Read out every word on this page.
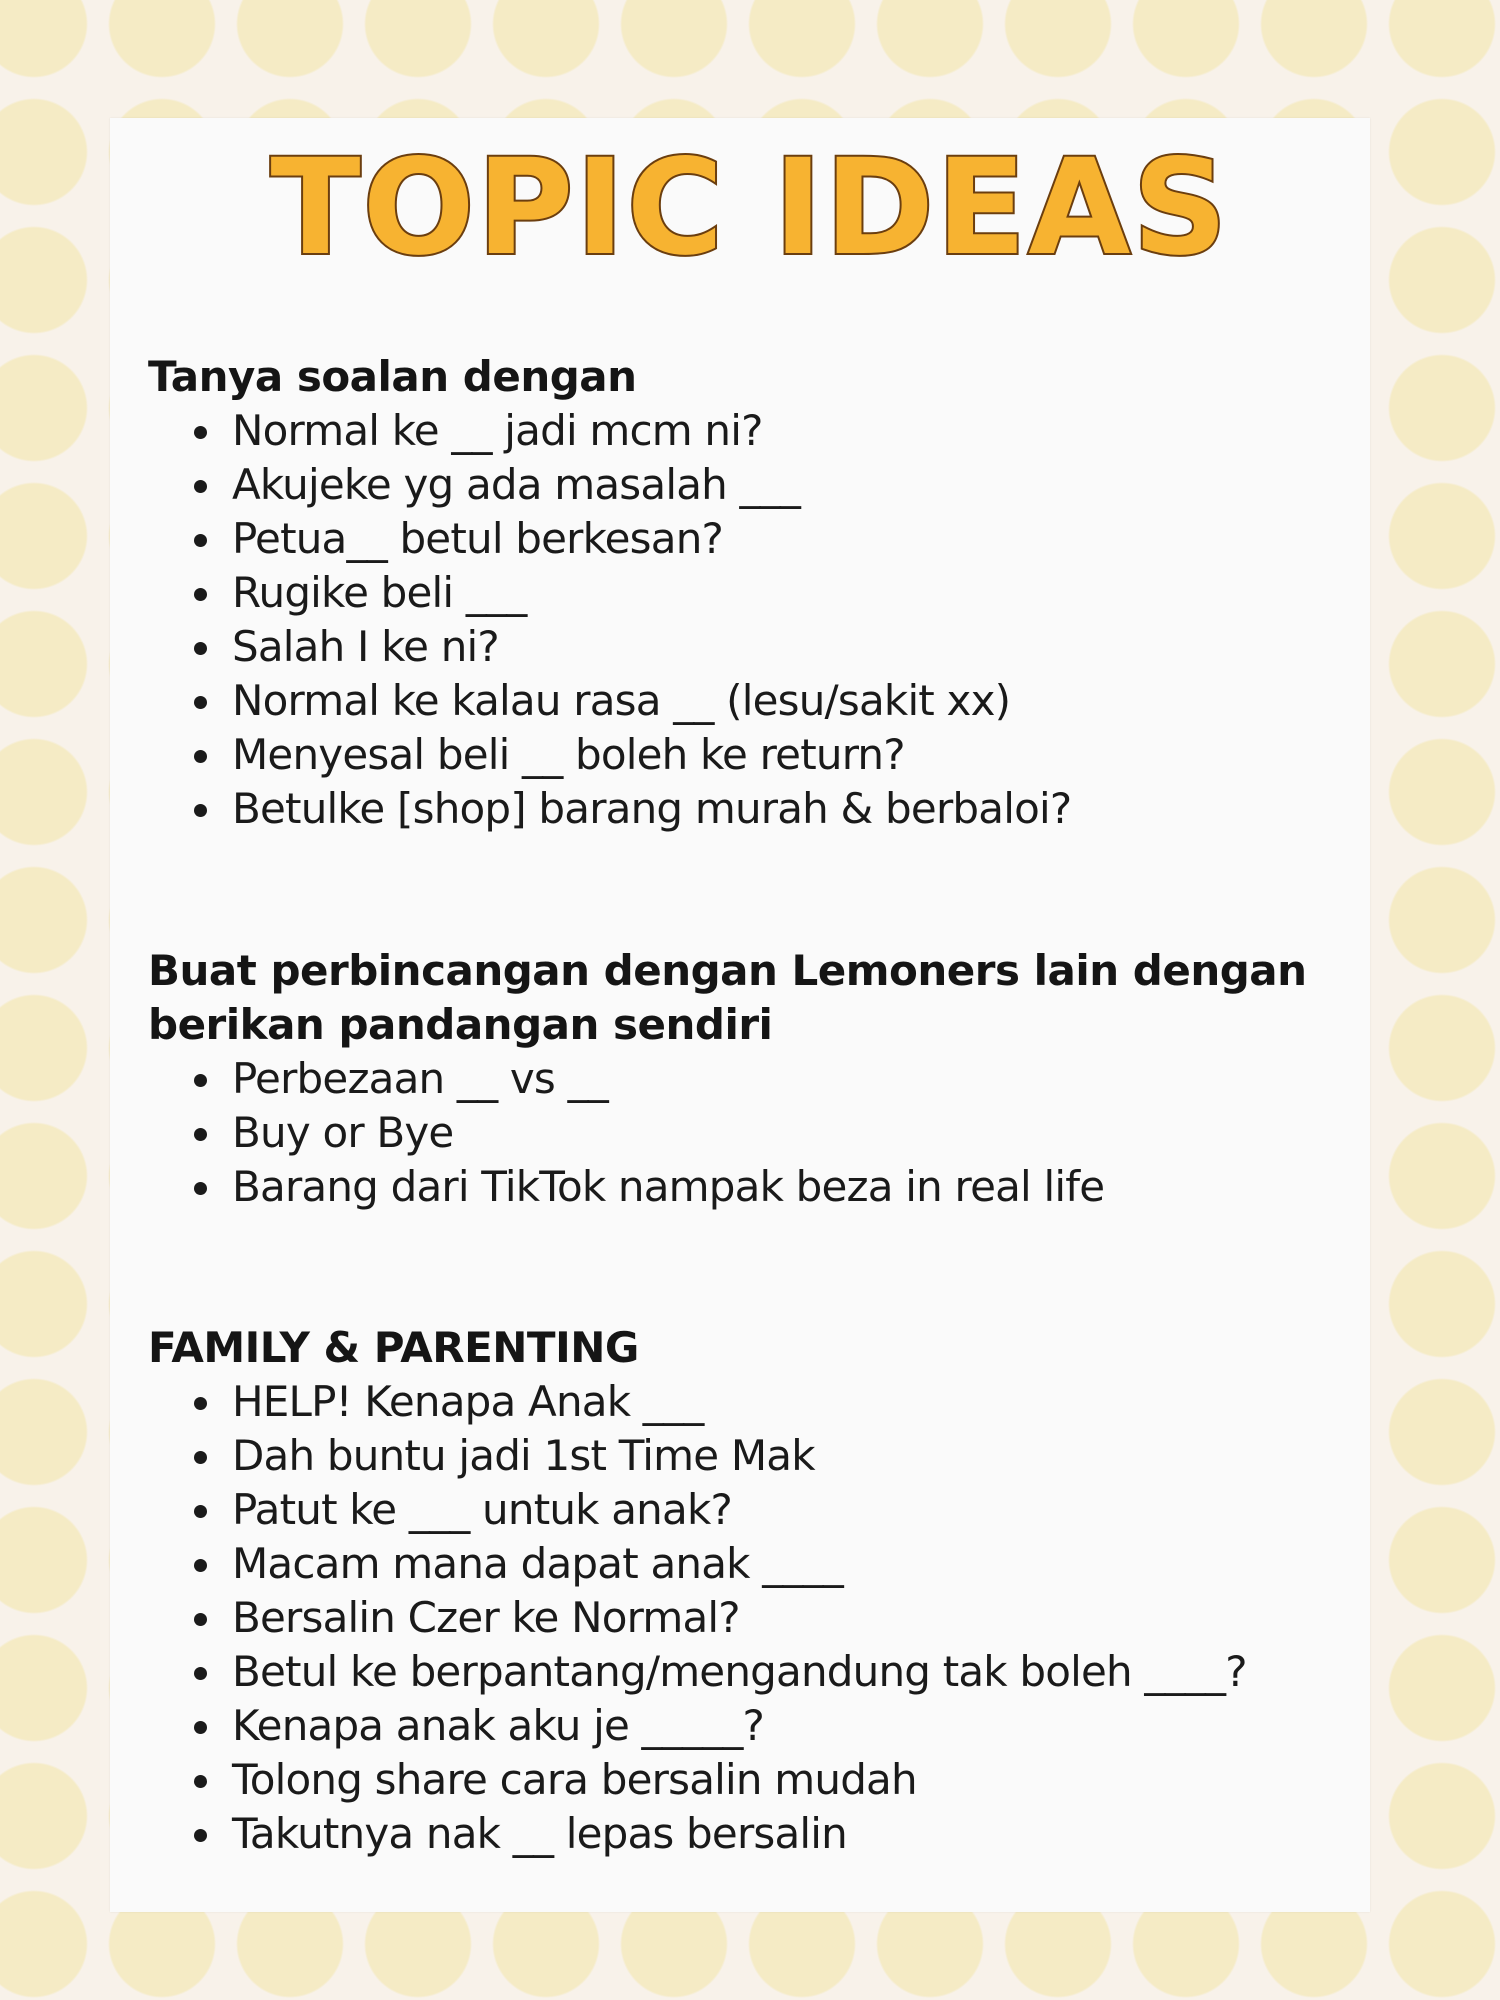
TOPIC IDEAS
Tanya soalan dengan
Normal ke __ jadi mcm ni?
Akujeke yg ada masalah ___
Petua__ betul berkesan?
Rugike beli ___
Salah I ke ni?
Normal ke kalau rasa __ (lesu/sakit xx)
Menyesal beli __ boleh ke return?
Betulke [shop] barang murah & berbaloi?
Buat perbincangan dengan Lemoners lain dengan berikan pandangan sendiri
Perbezaan __ vs __
Buy or Bye
Barang dari TikTok nampak beza in real life
FAMILY & PARENTING
HELP! Kenapa Anak ___
Dah buntu jadi 1st Time Mak
Patut ke ___ untuk anak?
Macam mana dapat anak ____
Bersalin Czer ke Normal?
Betul ke berpantang/mengandung tak boleh ____?
Kenapa anak aku je _____?
Tolong share cara bersalin mudah
Takutnya nak __ lepas bersalin
